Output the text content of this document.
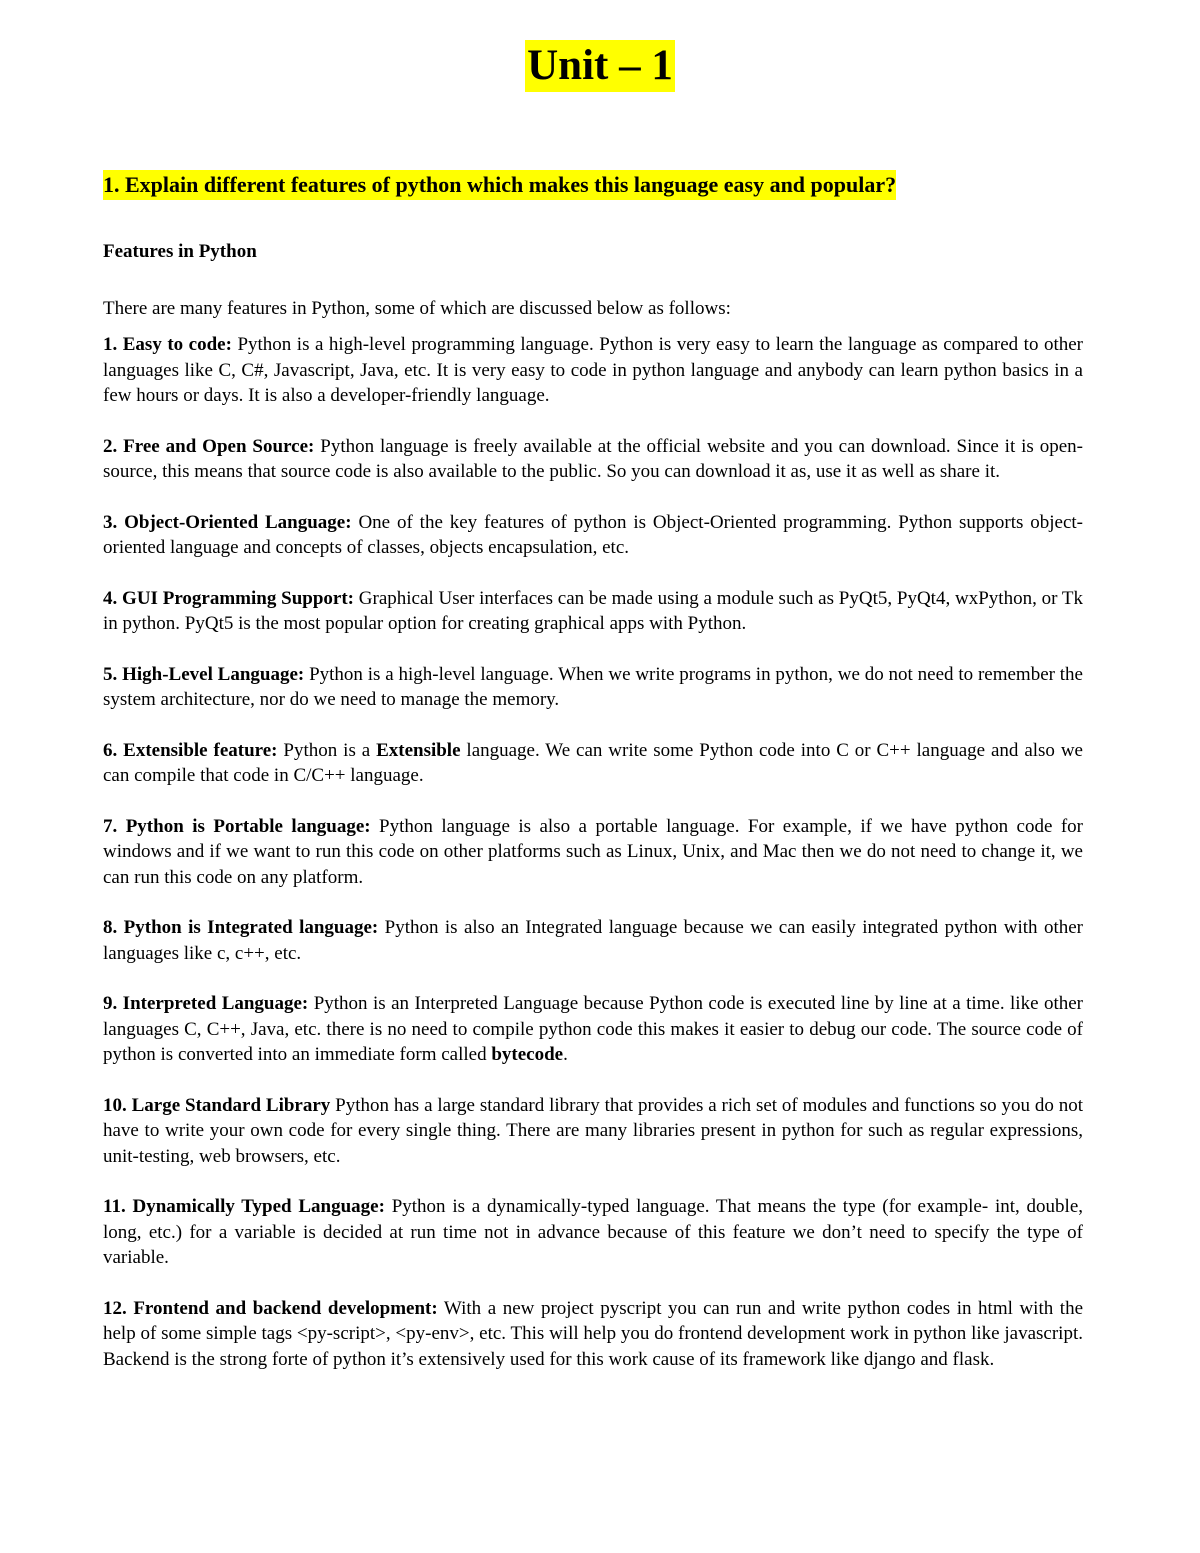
Unit – 1
1. Explain different features of python which makes this language easy and popular?

Features in Python

There are many features in Python, some of which are discussed below as follows:

1. Easy to code: Python is a high-level programming language. Python is very easy to learn the language as compared to other languages like C, C#, Javascript, Java, etc. It is very easy to code in python language and anybody can learn python basics in a few hours or days. It is also a developer-friendly language.

2. Free and Open Source: Python language is freely available at the official website and you can download. Since it is open-source, this means that source code is also available to the public. So you can download it as, use it as well as share it.

3. Object-Oriented Language: One of the key features of python is Object-Oriented programming. Python supports object-oriented language and concepts of classes, objects encapsulation, etc.

4. GUI Programming Support: Graphical User interfaces can be made using a module such as PyQt5, PyQt4, wxPython, or Tk in python. PyQt5 is the most popular option for creating graphical apps with Python.

5. High-Level Language: Python is a high-level language. When we write programs in python, we do not need to remember the system architecture, nor do we need to manage the memory.

6. Extensible feature: Python is a Extensible language. We can write some Python code into C or C++ language and also we can compile that code in C/C++ language.

7. Python is Portable language: Python language is also a portable language. For example, if we have python code for windows and if we want to run this code on other platforms such as Linux, Unix, and Mac then we do not need to change it, we can run this code on any platform.

8. Python is Integrated language: Python is also an Integrated language because we can easily integrated python with other languages like c, c++, etc.

9. Interpreted Language: Python is an Interpreted Language because Python code is executed line by line at a time. like other languages C, C++, Java, etc. there is no need to compile python code this makes it easier to debug our code. The source code of python is converted into an immediate form called bytecode.

10. Large Standard Library Python has a large standard library that provides a rich set of modules and functions so you do not have to write your own code for every single thing. There are many libraries present in python for such as regular expressions, unit-testing, web browsers, etc.

11. Dynamically Typed Language: Python is a dynamically-typed language. That means the type (for example- int, double, long, etc.) for a variable is decided at run time not in advance because of this feature we don’t need to specify the type of variable.

12. Frontend and backend development: With a new project pyscript you can run and write python codes in html with the help of some simple tags <py-script>, <py-env>, etc. This will help you do frontend development work in python like javascript. Backend is the strong forte of python it’s extensively used for this work cause of its framework like django and flask.
